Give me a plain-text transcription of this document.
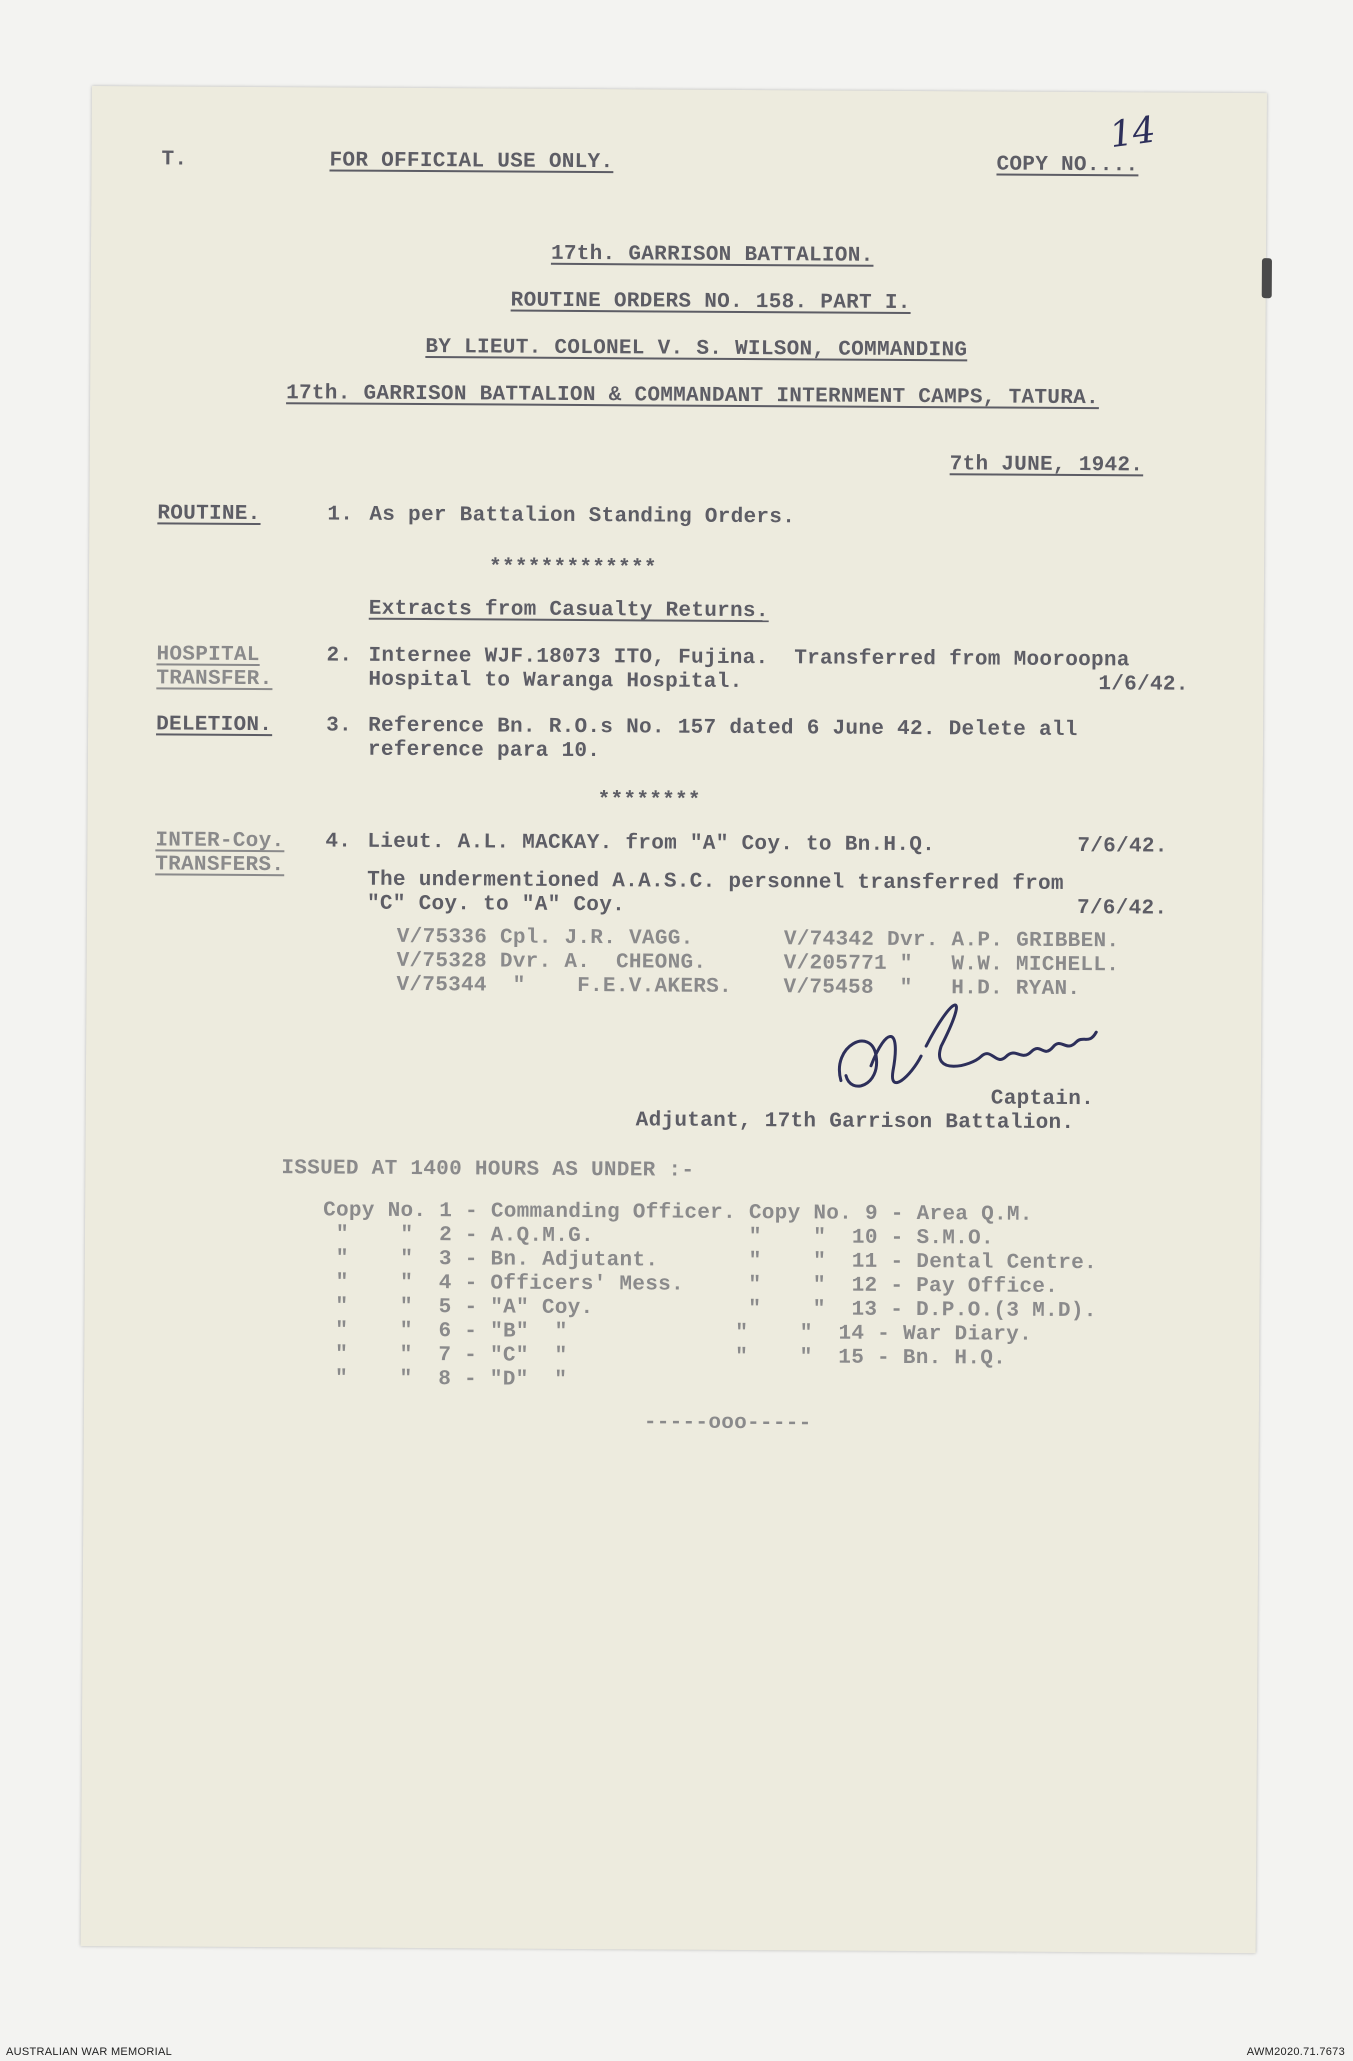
T.	FOR OFFICIAL USE ONLY.	COPY NO....
14
17th. GARRISON BATTALION.
ROUTINE ORDERS NO. 158. PART I.
BY LIEUT. COLONEL V. S. WILSON, COMMANDING
17th. GARRISON BATTALION & COMMANDANT INTERNMENT CAMPS, TATURA.
7th JUNE, 1942.
ROUTINE.	1. As per Battalion Standing Orders.
*************
Extracts from Casualty Returns.
HOSPITAL
TRANSFER.
2. Internee WJF.18073 ITO, Fujina.  Transferred from Mooroopna
Hospital to Waranga Hospital.	1/6/42.
DELETION.	3. Reference Bn. R.O.s No. 157 dated 6 June 42. Delete all
reference para 10.
********
INTER-Coy.
TRANSFERS.
4. Lieut. A.L. MACKAY. from "A" Coy. to Bn.H.Q.	7/6/42.
The undermentioned A.A.S.C. personnel transferred from
"C" Coy. to "A" Coy.	7/6/42.
V/75336 Cpl. J.R. VAGG.       V/74342 Dvr. A.P. GRIBBEN.
V/75328 Dvr. A.  CHEONG.      V/205771 "   W.W. MICHELL.
V/75344  "    F.E.V.AKERS.    V/75458  "   H.D. RYAN.
Captain.
Adjutant, 17th Garrison Battalion.
ISSUED AT 1400 HOURS AS UNDER :-
Copy No. 1 - Commanding Officer. Copy No. 9 - Area Q.M.
"    "  2 - A.Q.M.G.            "    "  10 - S.M.O.
"    "  3 - Bn. Adjutant.       "    "  11 - Dental Centre.
"    "  4 - Officers' Mess.     "    "  12 - Pay Office.
"    "  5 - "A" Coy.            "    "  13 - D.P.O.(3 M.D).
"    "  6 - "B"  "             "    "  14 - War Diary.
"    "  7 - "C"  "             "    "  15 - Bn. H.Q.
"    "  8 - "D"  "
-----ooo-----
AUSTRALIAN WAR MEMORIAL	AWM2020.71.7673
